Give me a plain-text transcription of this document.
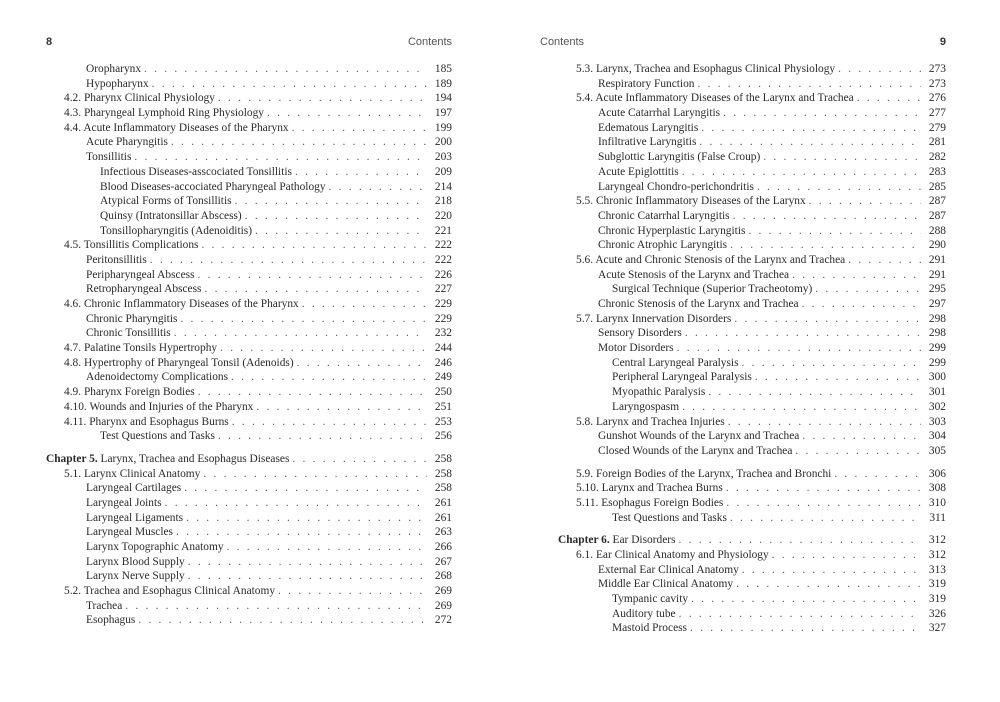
8	Contents
Oropharynx . . .	185
Hypopharynx . . .	189
4.2. Pharynx Clinical Physiology . . .	194
4.3. Pharyngeal Lymphoid Ring Physiology . . .	197
4.4. Acute Inflammatory Diseases of the Pharynx . . .	199
Acute Pharyngitis . . .	200
Tonsillitis . . .	203
Infectious Diseases-asscociated Tonsillitis . . .	209
Blood Diseases-accociated Pharyngeal Pathology . . .	214
Atypical Forms of Tonsillitis . . .	218
Quinsy (Intratonsillar Abscess) . . .	220
Tonsillopharyngitis (Adenoiditis) . . .	221
4.5. Tonsillitis Complications . . .	222
Peritonsillitis . . .	222
Peripharyngeal Abscess . . .	226
Retropharyngeal Abscess . . .	227
4.6. Chronic Inflammatory Diseases of the Pharynx . . .	229
Chronic Pharyngitis . . .	229
Chronic Tonsillitis . . .	232
4.7. Palatine Tonsils Hypertrophy . . .	244
4.8. Hypertrophy of Pharyngeal Tonsil (Adenoids) . . .	246
Adenoidectomy Complications . . .	249
4.9. Pharynx Foreign Bodies . . .	250
4.10. Wounds and Injuries of the Pharynx . . .	251
4.11. Pharynx and Esophagus Burns . . .	253
Test Questions and Tasks . . .	256
Chapter 5. Larynx, Trachea and Esophagus Diseases . . .	258
5.1. Larynx Clinical Anatomy . . .	258
Laryngeal Cartilages . . .	258
Laryngeal Joints . . .	261
Laryngeal Ligaments . . .	261
Laryngeal Muscles . . .	263
Larynx Topographic Anatomy . . .	266
Larynx Blood Supply . . .	267
Larynx Nerve Supply . . .	268
5.2. Trachea and Esophagus Clinical Anatomy . . .	269
Trachea . . .	269
Esophagus . . .	272
Contents	9
5.3. Larynx, Trachea and Esophagus Clinical Physiology . . .	273
Respiratory Function . . .	273
5.4. Acute Inflammatory Diseases of the Larynx and Trachea . . .	276
Acute Catarrhal Laryngitis . . .	277
Edematous Laryngitis . . .	279
Infiltrative Laryngitis . . .	281
Subglottic Laryngitis (False Croup) . . .	282
Acute Epiglottitis . . .	283
Laryngeal Chondro-perichondritis . . .	285
5.5. Chronic Inflammatory Diseases of the Larynx . . .	287
Chronic Catarrhal Laryngitis . . .	287
Chronic Hyperplastic Laryngitis . . .	288
Chronic Atrophic Laryngitis . . .	290
5.6. Acute and Chronic Stenosis of the Larynx and Trachea . . .	291
Acute Stenosis of the Larynx and Trachea . . .	291
Surgical Technique (Superior Tracheotomy) . . .	295
Chronic Stenosis of the Larynx and Trachea . . .	297
5.7. Larynx Innervation Disorders . . .	298
Sensory Disorders . . .	298
Motor Disorders . . .	299
Central Laryngeal Paralysis . . .	299
Peripheral Laryngeal Paralysis . . .	300
Myopathic Paralysis . . .	301
Laryngospasm . . .	302
5.8. Larynx and Trachea Injuries . . .	303
Gunshot Wounds of the Larynx and Trachea . . .	304
Closed Wounds of the Larynx and Trachea . . .	305
5.9. Foreign Bodies of the Larynx, Trachea and Bronchi . . .	306
5.10. Larynx and Trachea Burns . . .	308
5.11. Esophagus Foreign Bodies . . .	310
Test Questions and Tasks . . .	311
Chapter 6. Ear Disorders . . .	312
6.1. Ear Clinical Anatomy and Physiology . . .	312
External Ear Clinical Anatomy . . .	313
Middle Ear Clinical Anatomy . . .	319
Tympanic cavity . . .	319
Auditory tube . . .	326
Mastoid Process . . .	327
